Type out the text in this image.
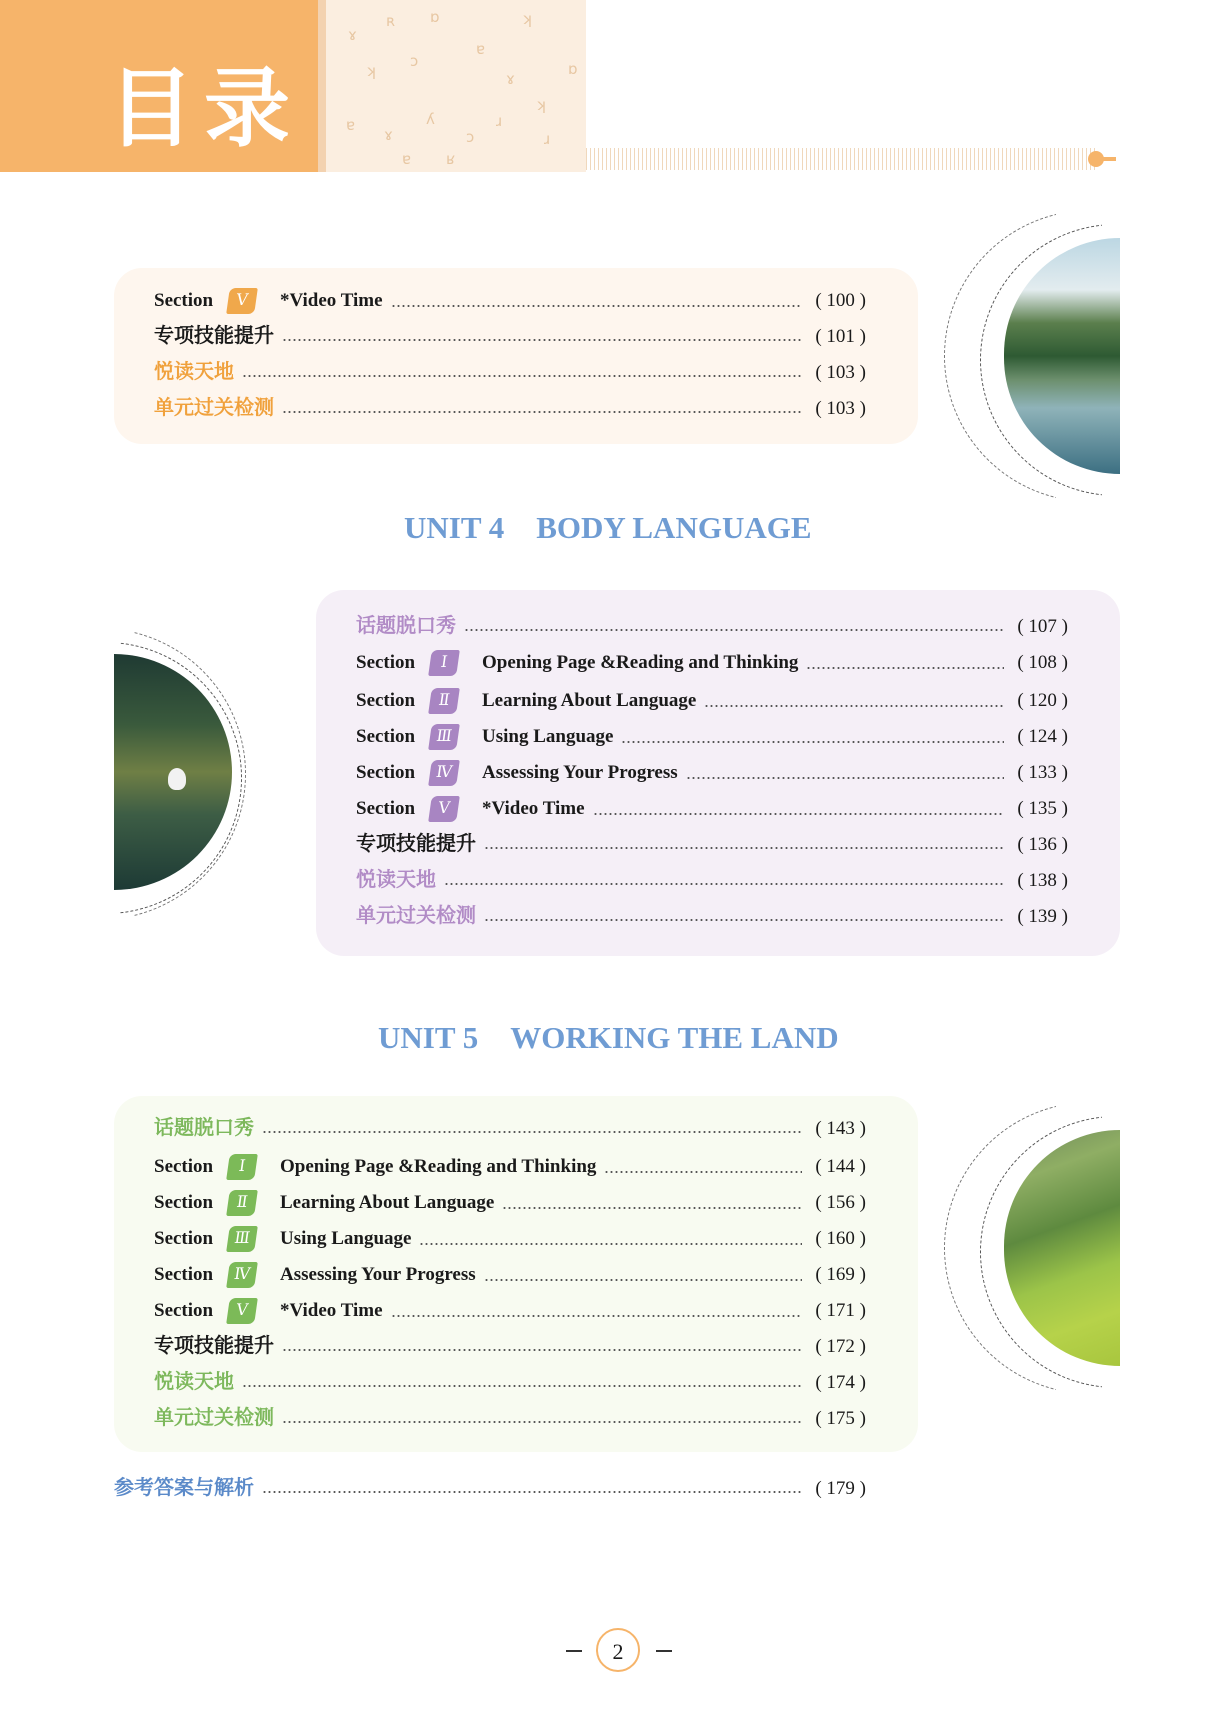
目录
ɤ
ʀ ɒ	ʞ
ʞ
ɔ
ɐ
ɤ
ʞ
ɐ
ɤ
ʎ
ɔ
ɹ
ɹ
ɐ ʁ
ɒ
Section	Ⅴ	*Video Time	( 100 )
专项技能提升	( 101 )
悦读天地	( 103 )
单元过关检测	( 103 )
UNIT 4 BODY LANGUAGE
话题脱口秀	( 107 )
Section	Ⅰ	Opening Page &Reading and Thinking	( 108 )
Section	Ⅱ	Learning About Language	( 120 )
Section	Ⅲ	Using Language	( 124 )
Section	Ⅳ	Assessing Your Progress	( 133 )
Section	Ⅴ	*Video Time	( 135 )
专项技能提升	( 136 )
悦读天地	( 138 )
单元过关检测	( 139 )
UNIT 5 WORKING THE LAND
话题脱口秀	( 143 )
Section	Ⅰ	Opening Page &Reading and Thinking	( 144 )
Section	Ⅱ	Learning About Language	( 156 )
Section	Ⅲ	Using Language	( 160 )
Section	Ⅳ	Assessing Your Progress	( 169 )
Section	Ⅴ	*Video Time	( 171 )
专项技能提升	( 172 )
悦读天地	( 174 )
单元过关检测	( 175 )
参考答案与解析	( 179 )
2
